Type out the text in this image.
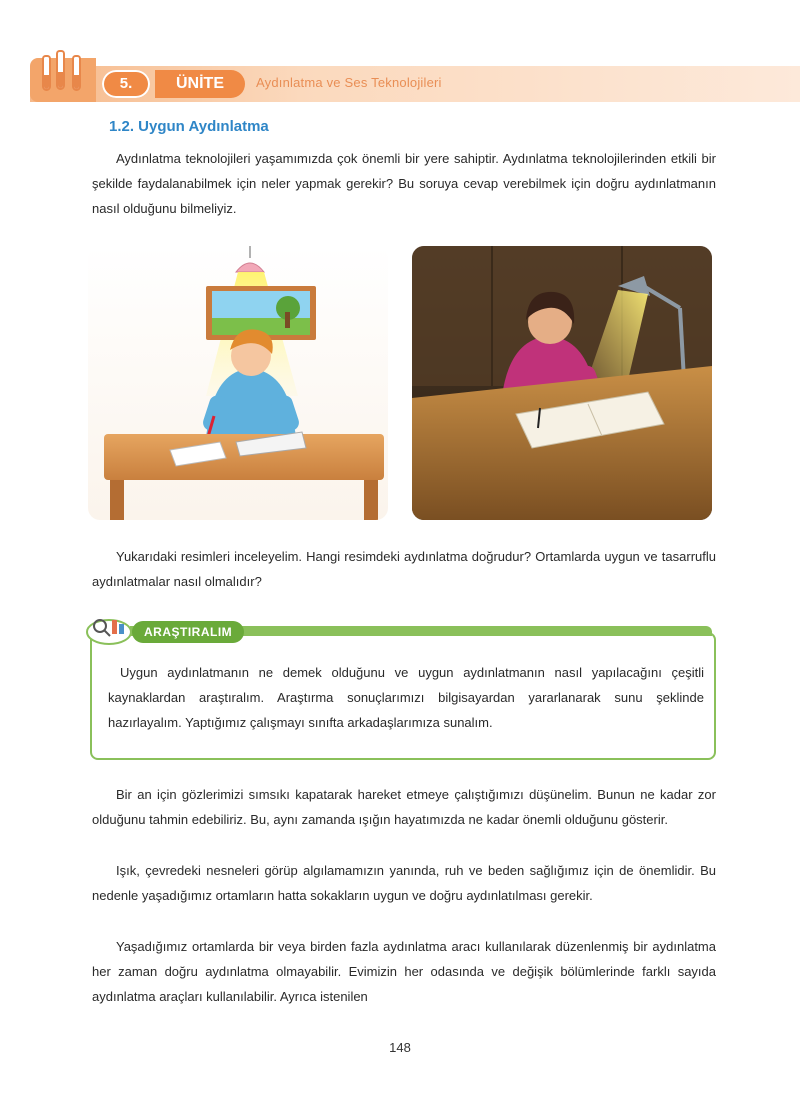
5.	ÜNİTE	Aydınlatma ve Ses Teknolojileri
1.2. Uygun Aydınlatma

Aydınlatma teknolojileri yaşamımızda çok önemli bir yere sahiptir. Aydınlatma teknolojilerinden etkili bir şekilde faydalanabilmek için neler yapmak gerekir? Bu soruya cevap verebilmek için doğru aydınlatmanın nasıl olduğunu bilmeliyiz.

Yukarıdaki resimleri inceleyelim. Hangi resimdeki aydınlatma doğrudur? Ortamlarda uygun ve tasarruflu aydınlatmalar nasıl olmalıdır?

ARAŞTIRALIM

Uygun aydınlatmanın ne demek olduğunu ve uygun aydınlatmanın nasıl yapılacağını çeşitli kaynaklardan araştıralım. Araştırma sonuçlarımızı bilgisayardan yararlanarak sunu şeklinde hazırlayalım. Yaptığımız çalışmayı sınıfta arkadaşlarımıza sunalım.

Bir an için gözlerimizi sımsıkı kapatarak hareket etmeye çalıştığımızı düşünelim. Bunun ne kadar zor olduğunu tahmin edebiliriz. Bu, aynı zamanda ışığın hayatımızda ne kadar önemli olduğunu gösterir.

Işık, çevredeki nesneleri görüp algılamamızın yanında, ruh ve beden sağlığımız için de önemlidir. Bu nedenle yaşadığımız ortamların hatta sokakların uygun ve doğru aydınlatılması gerekir.

Yaşadığımız ortamlarda bir veya birden fazla aydınlatma aracı kullanılarak düzenlenmiş bir aydınlatma her zaman doğru aydınlatma olmayabilir. Evimizin her odasında ve değişik bölümlerinde farklı sayıda aydınlatma araçları kullanılabilir. Ayrıca istenilen

148
